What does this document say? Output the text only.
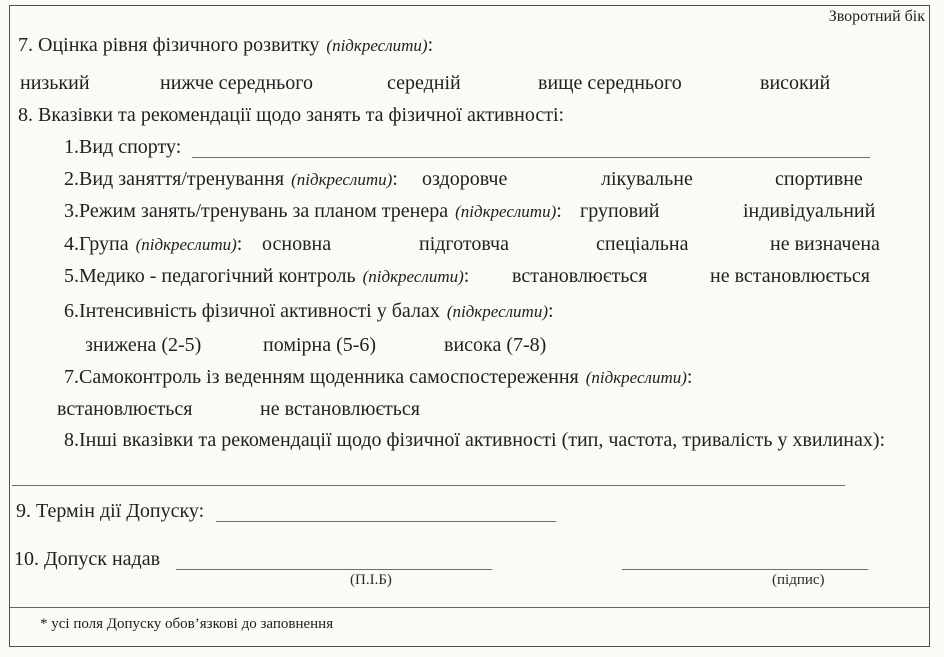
Зворотний бік
7. Оцінка рівня фізичного розвитку (підкреслити):
низький	нижче середнього	середній	вище середнього	високий
8. Вказівки та рекомендації щодо занять та фізичної активності:
1.Вид спорту:
2.Вид заняття/тренування (підкреслити): оздоровче	лікувальне	спортивне
3.Режим занять/тренувань за планом тренера (підкреслити): груповий	індивідуальний
4.Група (підкреслити): основна	підготовча	спеціальна	не визначена
5.Медико - педагогічний контроль (підкреслити): встановлюється	не встановлюється
6.Інтенсивність фізичної активності у балах (підкреслити):
знижена (2-5)	помірна (5-6)	висока (7-8)
7.Самоконтроль із веденням щоденника самоспостереження (підкреслити):
встановлюється	не встановлюється
8.Інші вказівки та рекомендації щодо фізичної активності (тип, частота, тривалість у хвилинах):
9. Термін дії Допуску:
10. Допуск надав
(П.І.Б)	(підпис)
* усі поля Допуску обов’язкові до заповнення
